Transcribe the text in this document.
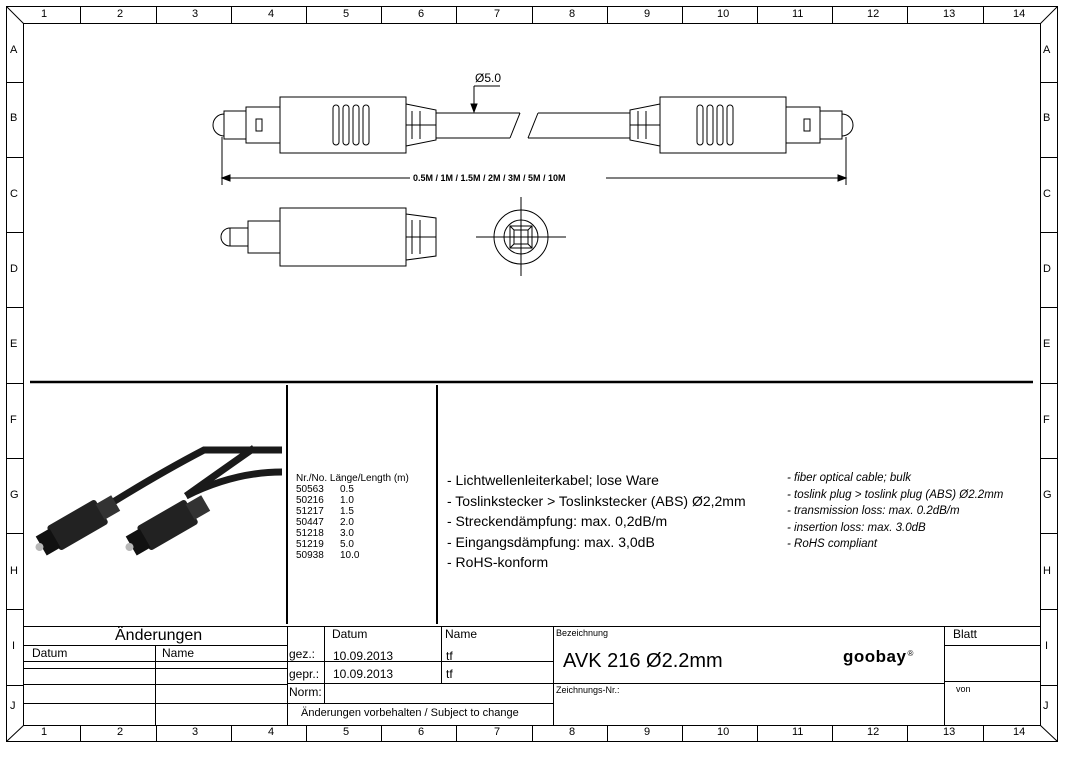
1	2	3	4	5	6	7	8	9	10	11	12	13	14
1	2	3	4	5	6	7	8	9	10	11	12	13	14
A
B
C
D
E
F
G
H
I
J
A
B
C
D
E
F
G
H
I
J
Ø5.0
0.5M / 1M / 1.5M / 2M / 3M / 5M / 10M
Nr./No. Länge/Length (m)
50563	0.5
50216	1.0
51217	1.5
50447	2.0
51218	3.0
51219	5.0
50938	10.0
- Lichtwellenleiterkabel; lose Ware
- Toslinkstecker > Toslinkstecker (ABS) Ø2,2mm
- Streckendämpfung: max. 0,2dB/m
- Eingangsdämpfung: max. 3,0dB
- RoHS-konform
- fiber optical cable; bulk
- toslink plug > toslink plug (ABS) Ø2.2mm
- transmission loss: max. 0.2dB/m
- insertion loss: max. 3.0dB
- RoHS compliant
Änderungen
Datum	Name
Datum	Name
gez.: 10.09.2013	tf
gepr.: 10.09.2013	tf
Norm:
Änderungen vorbehalten / Subject to change
Bezeichnung
AVK 216 Ø2.2mm
Zeichnungs-Nr.:
goobay ®
Blatt
von
